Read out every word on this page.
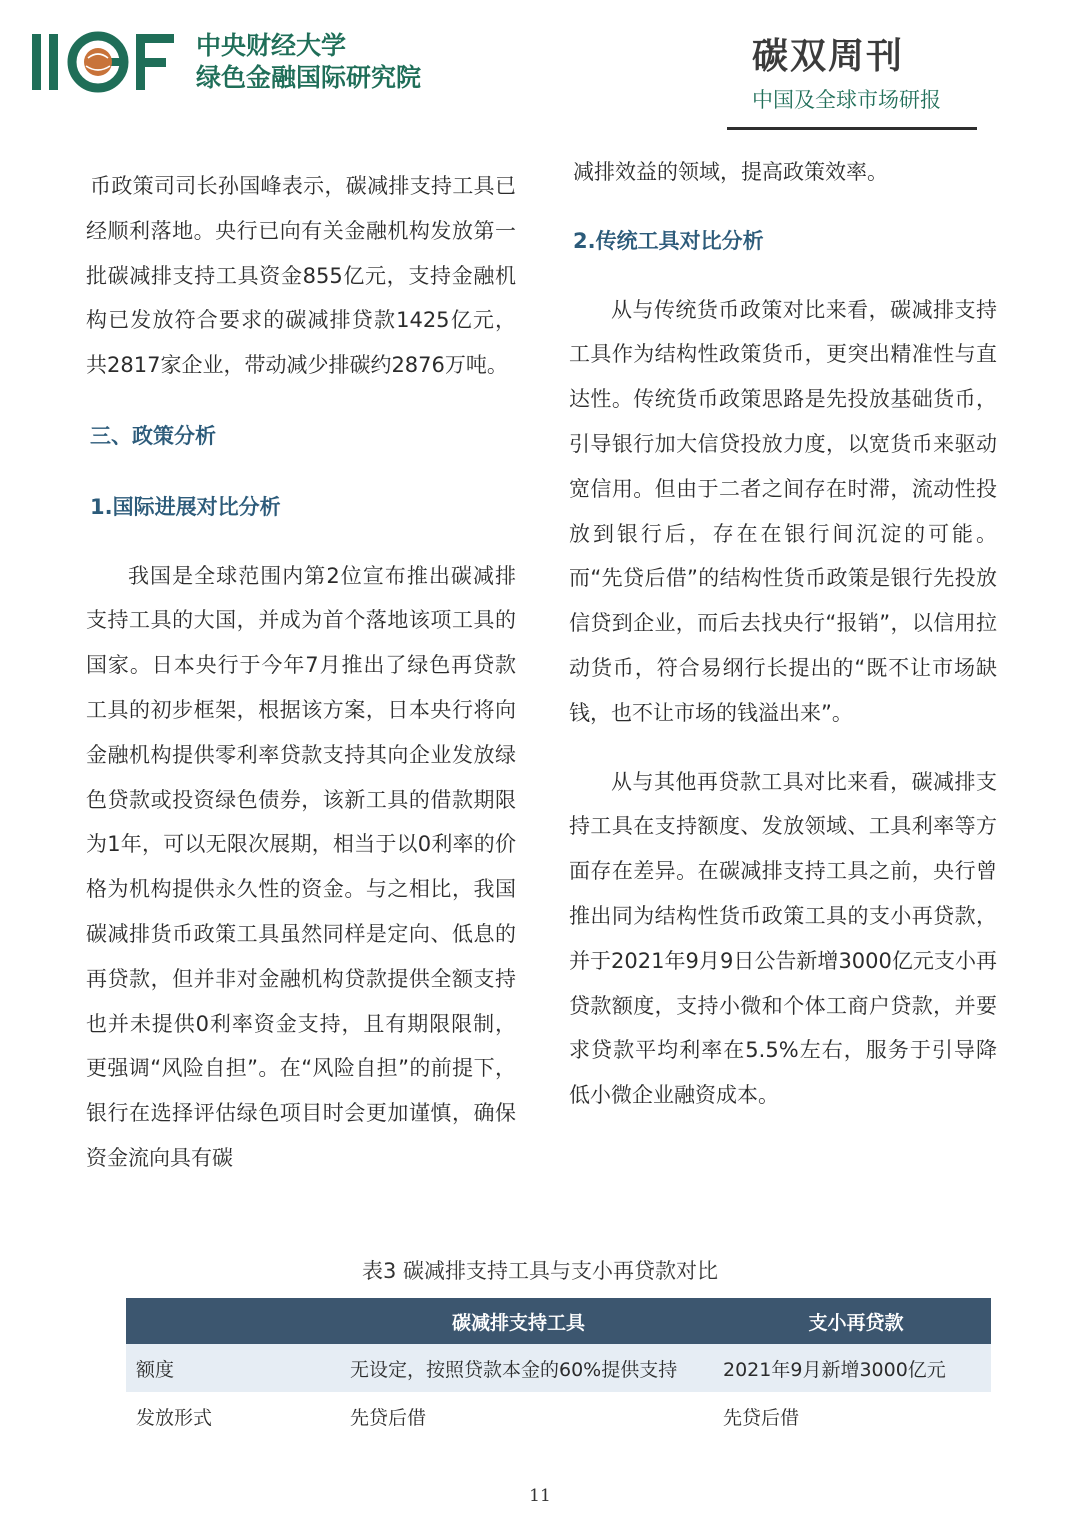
中央财经大学
绿色金融国际研究院
碳双周刊
中国及全球市场研报

币政策司司长孙国峰表示，碳减排支持工具已经顺利落地。央行已向有关金融机构发放第一批碳减排支持工具资金855亿元，支持金融机构已发放符合要求的碳减排贷款1425亿元，共2817家企业，带动减少排碳约2876万吨。

三、政策分析
1.国际进展对比分析

我国是全球范围内第2位宣布推出碳减排支持工具的大国，并成为首个落地该项工具的国家。日本央行于今年7月推出了绿色再贷款工具的初步框架，根据该方案，日本央行将向金融机构提供零利率贷款支持其向企业发放绿色贷款或投资绿色债券，该新工具的借款期限为1年，可以无限次展期，相当于以0利率的价格为机构提供永久性的资金。与之相比，我国碳减排货币政策工具虽然同样是定向、低息的再贷款，但并非对金融机构贷款提供全额支持也并未提供0利率资金支持，且有期限限制，更强调“风险自担”。在“风险自担”的前提下，银行在选择评估绿色项目时会更加谨慎，确保资金流向具有碳

减排效益的领域，提高政策效率。

2.传统工具对比分析

从与传统货币政策对比来看，碳减排支持工具作为结构性政策货币，更突出精准性与直达性。传统货币政策思路是先投放基础货币，引导银行加大信贷投放力度，以宽货币来驱动宽信用。但由于二者之间存在时滞，流动性投放到银行后，存在在银行间沉淀的可能。而“先贷后借”的结构性货币政策是银行先投放信贷到企业，而后去找央行“报销”，以信用拉动货币，符合易纲行长提出的“既不让市场缺钱，也不让市场的钱溢出来”。

从与其他再贷款工具对比来看，碳减排支持工具在支持额度、发放领域、工具利率等方面存在差异。在碳减排支持工具之前，央行曾推出同为结构性货币政策工具的支小再贷款，并于2021年9月9日公告新增3000亿元支小再贷款额度，支持小微和个体工商户贷款，并要求贷款平均利率在5.5%左右，服务于引导降低小微企业融资成本。

表3 碳减排支持工具与支小再贷款对比
	碳减排支持工具	支小再贷款
额度	无设定，按照贷款本金的60%提供支持	2021年9月新增3000亿元
发放形式	先贷后借	先贷后借
11
